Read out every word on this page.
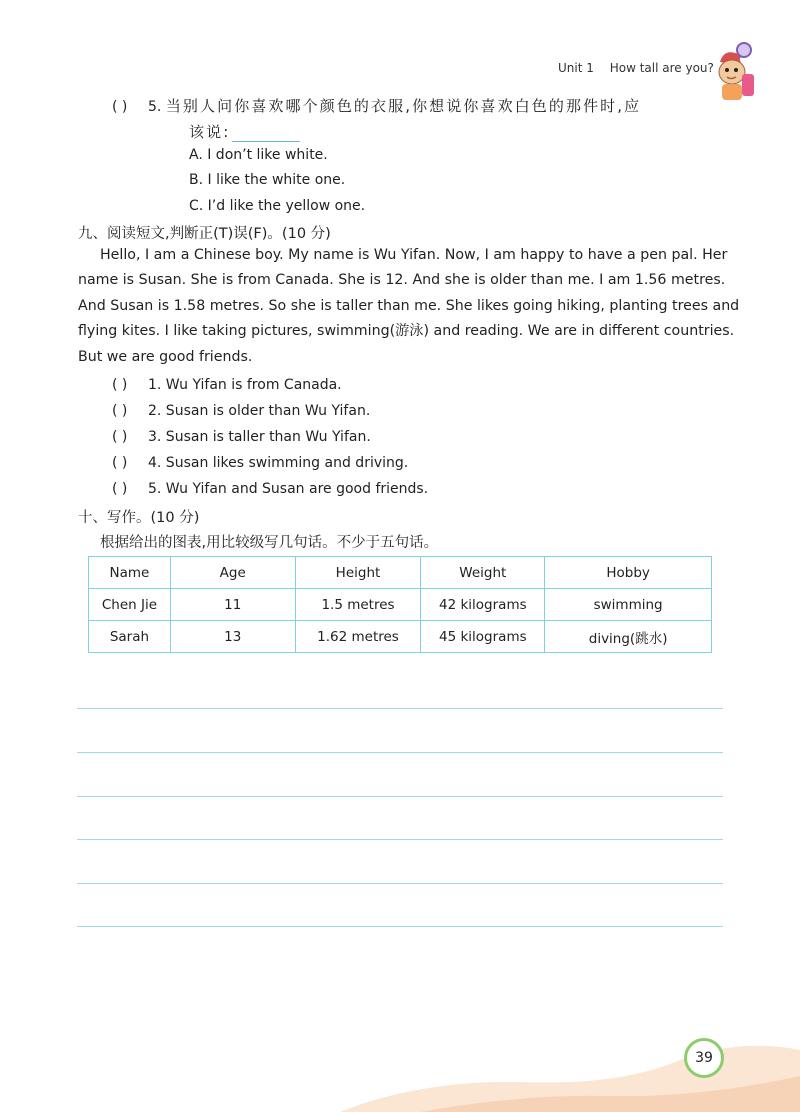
Unit 1 How tall are you?
( ) 5. 当别人问你喜欢哪个颜色的衣服,你想说你喜欢白色的那件时,应
该说:
A. I don’t like white.
B. I like the white one.
C. I’d like the yellow one.
九、阅读短文,判断正(T)误(F)。(10 分)
Hello, I am a Chinese boy. My name is Wu Yifan. Now, I am happy to have a pen pal. Her
name is Susan. She is from Canada. She is 12. And she is older than me. I am 1.56 metres.
And Susan is 1.58 metres. So she is taller than me. She likes going hiking, planting trees and
flying kites. I like taking pictures, swimming(游泳) and reading. We are in different countries.
But we are good friends.
( ) 1. Wu Yifan is from Canada.
( ) 2. Susan is older than Wu Yifan.
( ) 3. Susan is taller than Wu Yifan.
( ) 4. Susan likes swimming and driving.
( ) 5. Wu Yifan and Susan are good friends.
十、写作。(10 分)
根据给出的图表,用比较级写几句话。不少于五句话。
Name	Age	Height	Weight	Hobby
Chen Jie	11	1.5 metres	42 kilograms	swimming
Sarah	13	1.62 metres	45 kilograms	diving(跳水)
39
